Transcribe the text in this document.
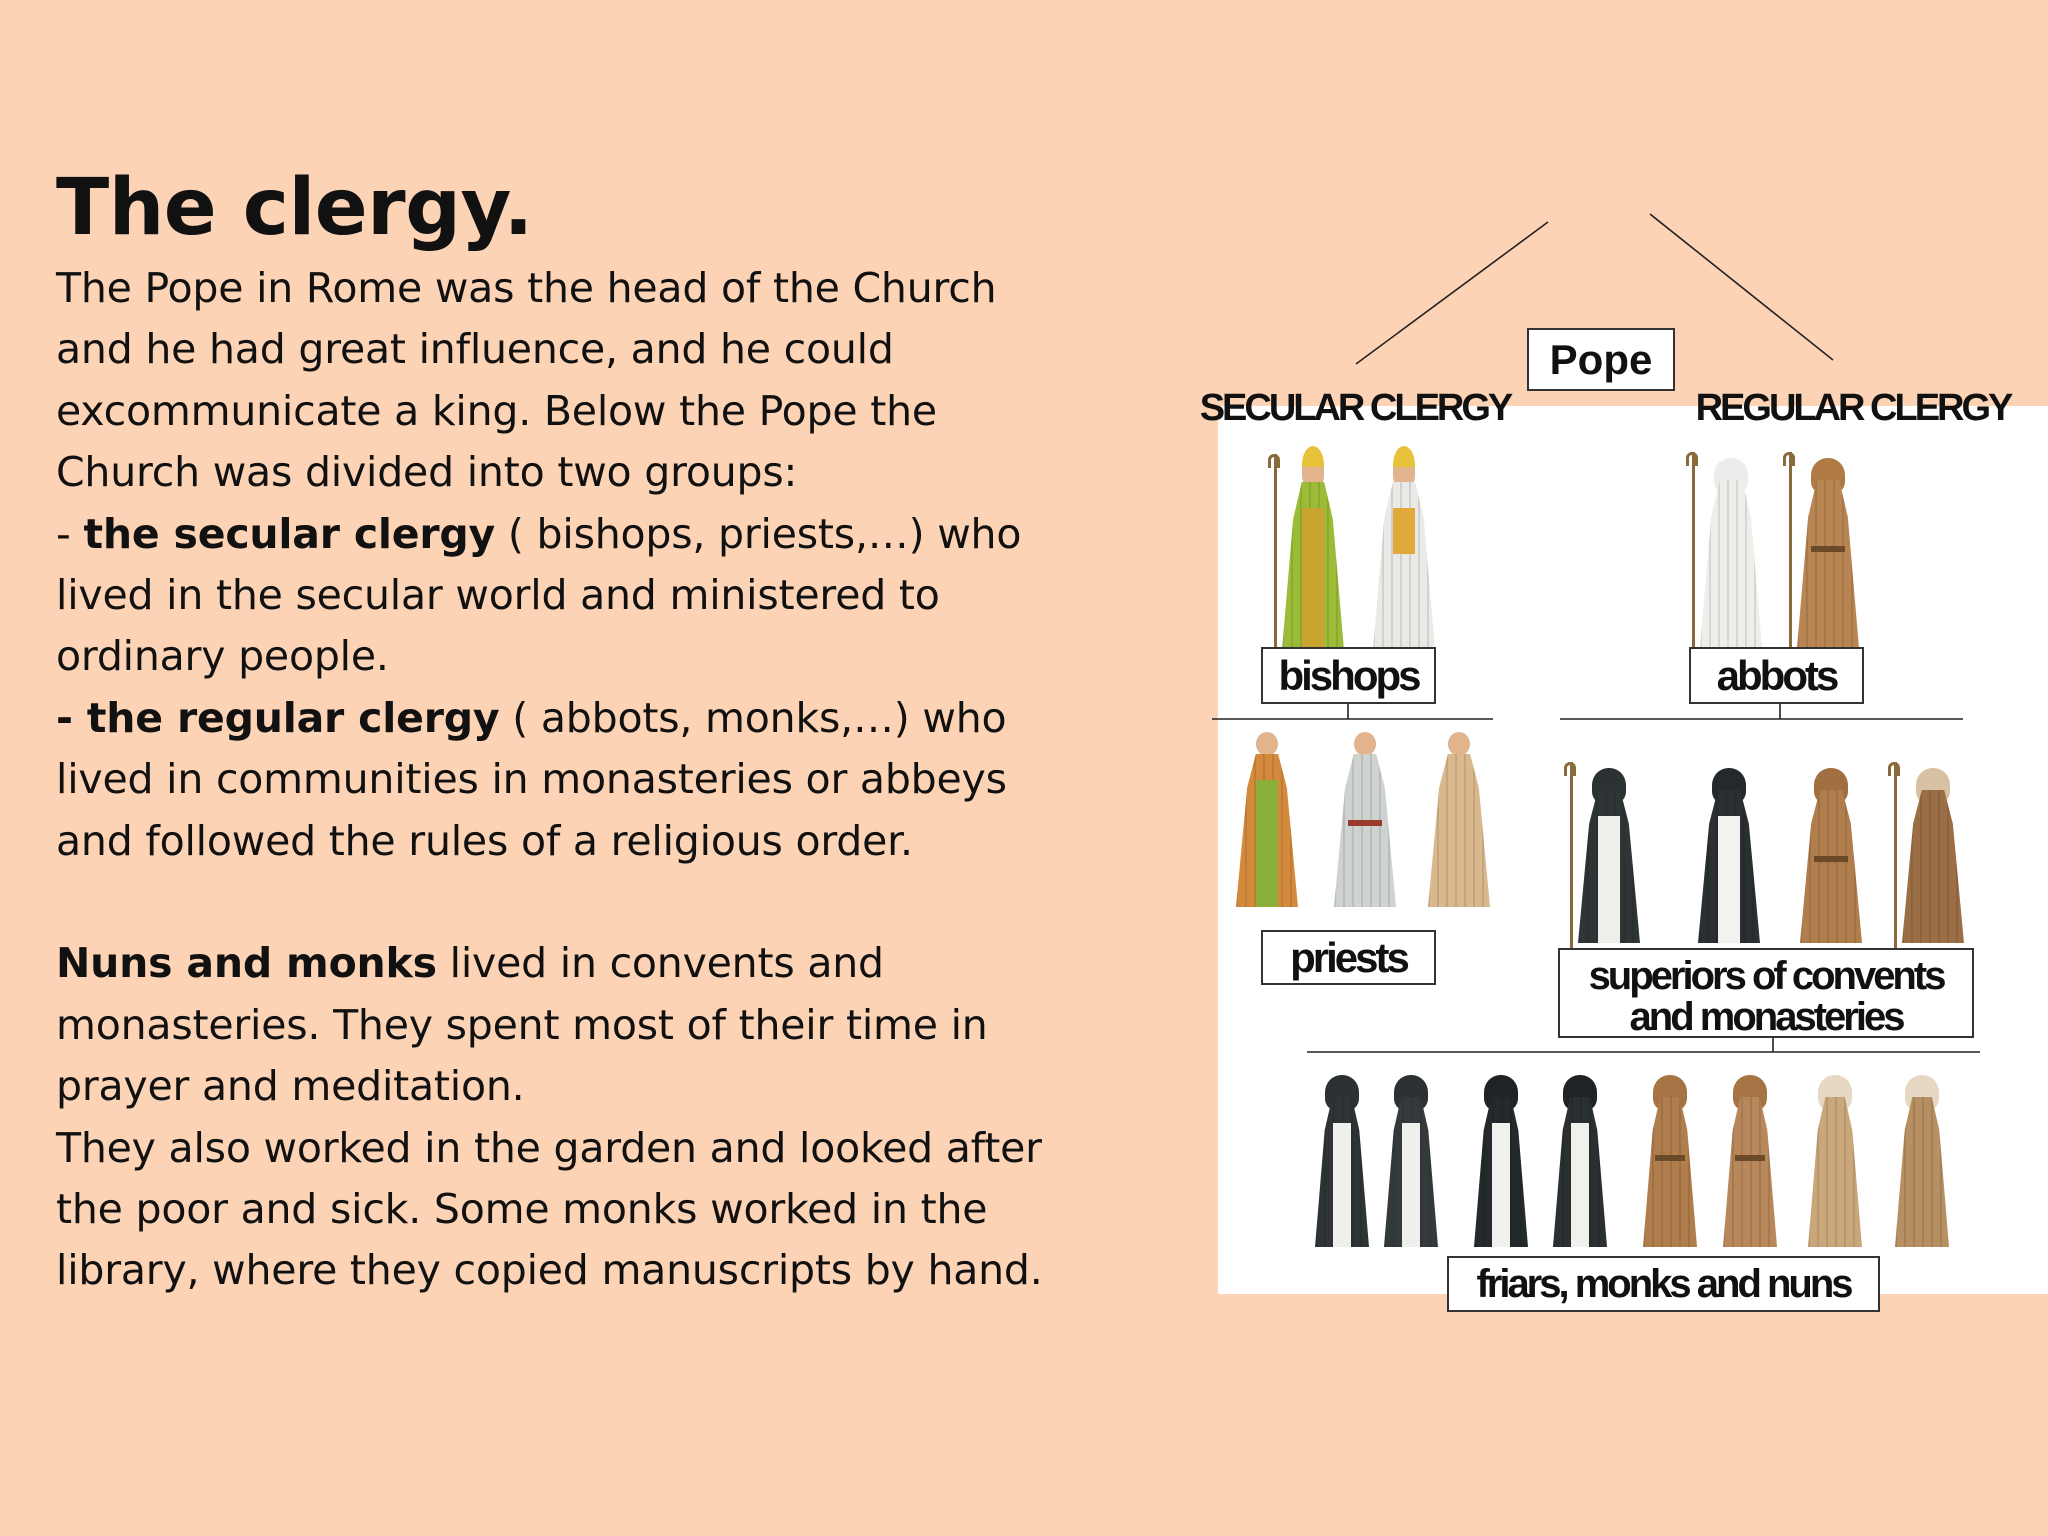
The clergy.

The Pope in Rome was the head of the Church and he had great influence, and he could excommunicate a king. Below the Pope the Church was divided into two groups:

- the secular clergy ( bishops, priests,…) who lived in the secular world and ministered to ordinary people.

- the regular clergy ( abbots, monks,…) who lived in communities in monasteries or abbeys and followed the rules of a religious order.

Nuns and monks lived in convents and monasteries. They spent most of their time in prayer and meditation.

They also worked in the garden and looked after the poor and sick. Some monks worked in the library, where they copied manuscripts by hand.

Pope
SECULAR CLERGY	REGULAR CLERGY
bishops	abbots
priests	superiors of convents and monasteries
friars, monks and nuns
